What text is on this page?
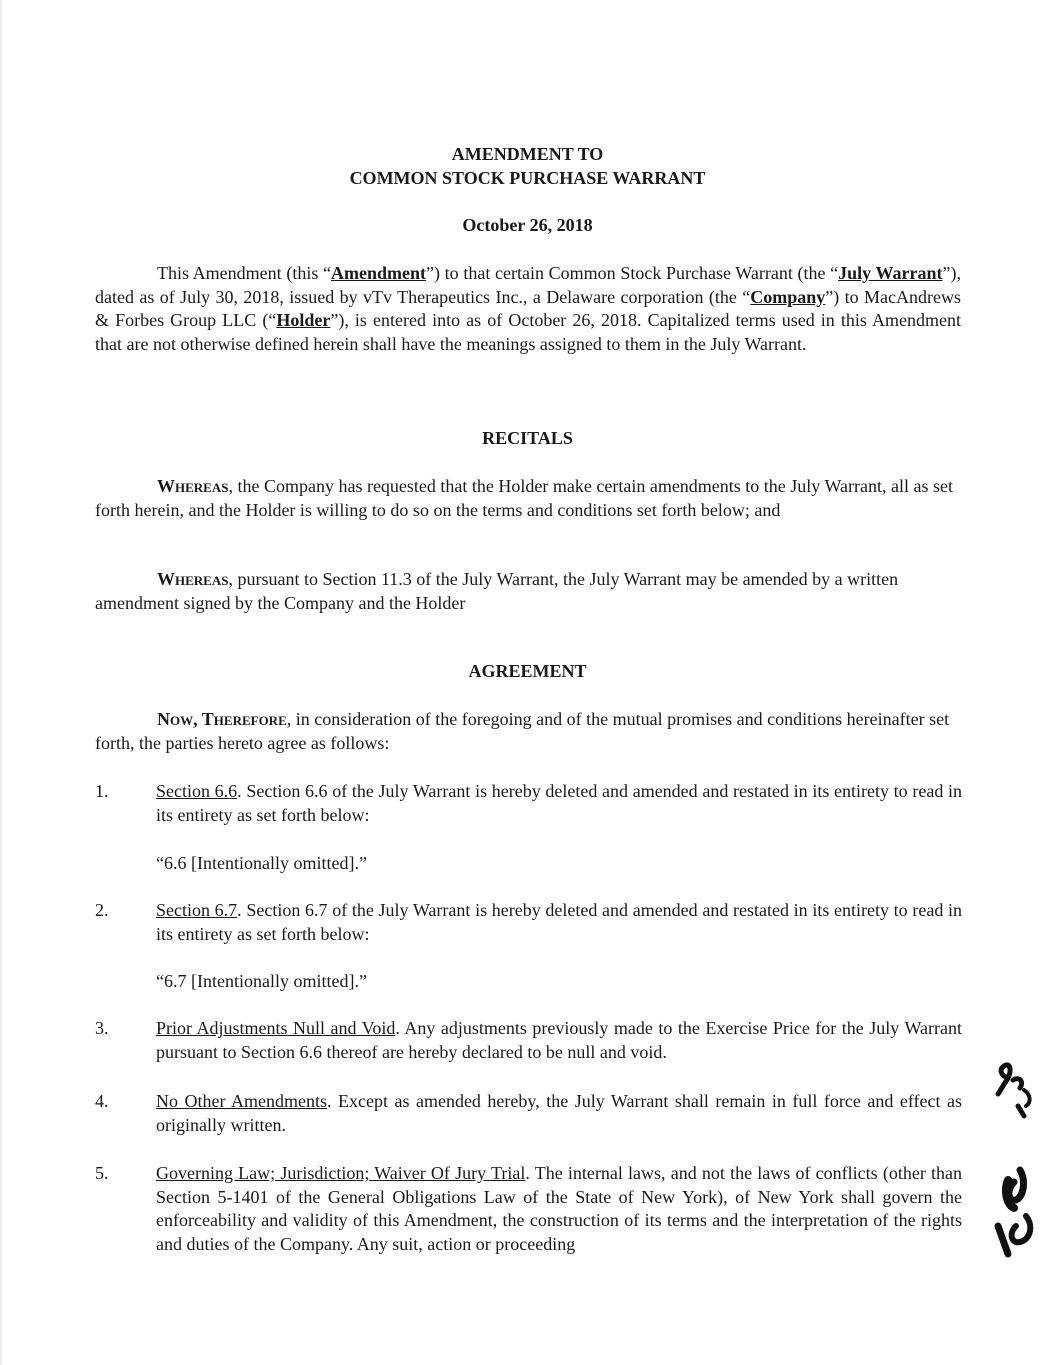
AMENDMENT TO
COMMON STOCK PURCHASE WARRANT
October 26, 2018
This Amendment (this “Amendment”) to that certain Common Stock Purchase Warrant (the “July Warrant”), dated as of July 30, 2018, issued by vTv Therapeutics Inc., a Delaware corporation (the “Company”) to MacAndrews & Forbes Group LLC (“Holder”), is entered into as of October 26, 2018. Capitalized terms used in this Amendment that are not otherwise defined herein shall have the meanings assigned to them in the July Warrant.
RECITALS
Whereas, the Company has requested that the Holder make certain amendments to the July Warrant, all as set forth herein, and the Holder is willing to do so on the terms and conditions set forth below; and
Whereas, pursuant to Section 11.3 of the July Warrant, the July Warrant may be amended by a written amendment signed by the Company and the Holder
AGREEMENT
Now, Therefore, in consideration of the foregoing and of the mutual promises and conditions hereinafter set forth, the parties hereto agree as follows:
1.	Section 6.6. Section 6.6 of the July Warrant is hereby deleted and amended and restated in its entirety to read in its entirety as set forth below:
“6.6 [Intentionally omitted].”
2.	Section 6.7. Section 6.7 of the July Warrant is hereby deleted and amended and restated in its entirety to read in its entirety as set forth below:
“6.7 [Intentionally omitted].”
3.	Prior Adjustments Null and Void. Any adjustments previously made to the Exercise Price for the July Warrant pursuant to Section 6.6 thereof are hereby declared to be null and void.
4.	No Other Amendments. Except as amended hereby, the July Warrant shall remain in full force and effect as originally written.
5.	Governing Law; Jurisdiction; Waiver Of Jury Trial. The internal laws, and not the laws of conflicts (other than Section 5-1401 of the General Obligations Law of the State of New York), of New York shall govern the enforceability and validity of this Amendment, the construction of its terms and the interpretation of the rights and duties of the Company. Any suit, action or proceeding
